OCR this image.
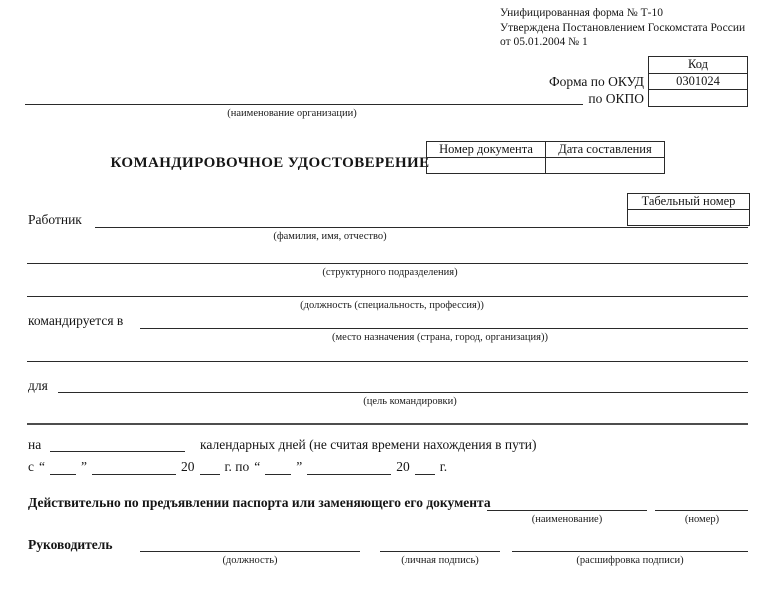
Унифицированная форма № Т-10
Утверждена Постановлением Госкомстата России
от 05.01.2004 № 1
Код
0301024

Форма по ОКУД
по ОКПО
(наименование организации)
КОМАНДИРОВОЧНОЕ УДОСТОВЕРЕНИЕ
Номер документа	Дата составления

Табельный номер

Работник
(фамилия, имя, отчество)
(структурного подразделения)
(должность (специальность, профессия))
командируется в
(место назначения (страна, город, организация))
для
(цель командировки)
на	календарных дней (не считая времени нахождения в пути)
с “	”	20 г. по “	”	20 г.
Действительно по предъявлении паспорта или заменяющего его документа
(наименование)	(номер)
Руководитель
(должность)	(личная подпись)	(расшифровка подписи)
